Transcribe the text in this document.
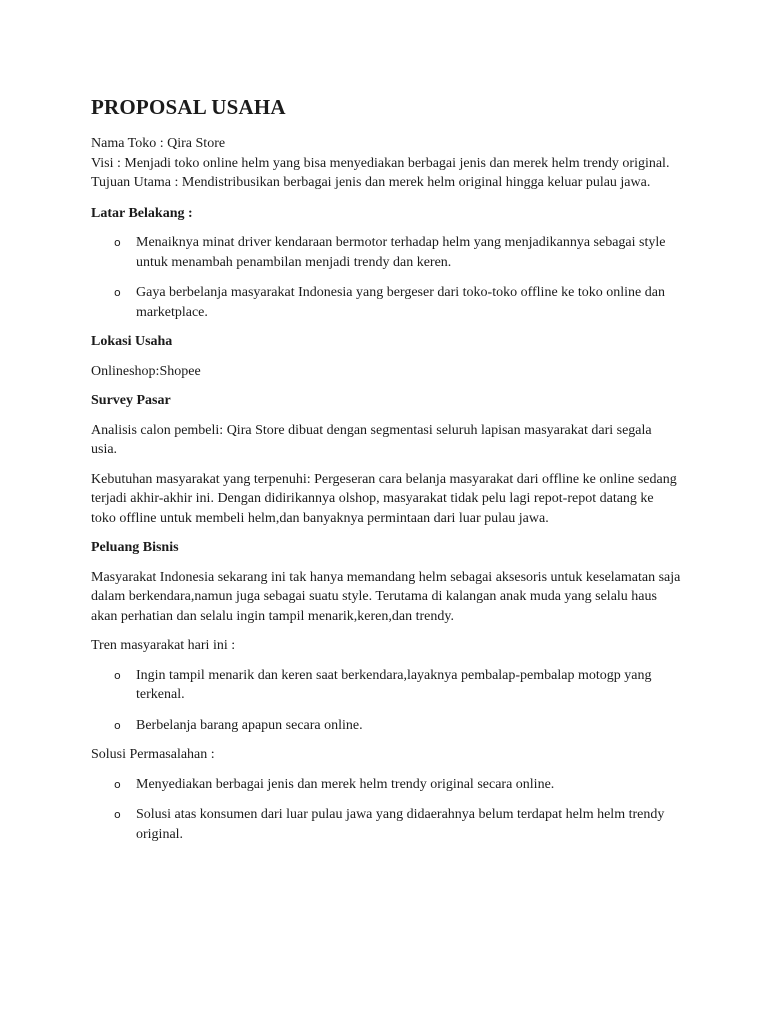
PROPOSAL USAHA

Nama Toko : Qira Store

Visi : Menjadi toko online helm yang bisa menyediakan berbagai jenis dan merek helm trendy original.

Tujuan Utama : Mendistribusikan berbagai jenis dan merek helm original hingga keluar pulau jawa.

Latar Belakang :
o Menaiknya minat driver kendaraan bermotor terhadap helm yang menjadikannya sebagai style untuk menambah penambilan menjadi trendy dan keren.
o Gaya berbelanja masyarakat Indonesia yang bergeser dari toko-toko offline ke toko online dan marketplace.
Lokasi Usaha

Onlineshop:Shopee

Survey Pasar

Analisis calon pembeli: Qira Store dibuat dengan segmentasi seluruh lapisan masyarakat dari segala usia.

Kebutuhan masyarakat yang terpenuhi: Pergeseran cara belanja masyarakat dari offline ke online sedang terjadi akhir-akhir ini. Dengan didirikannya olshop, masyarakat tidak pelu lagi repot-repot datang ke toko offline untuk membeli helm,dan banyaknya permintaan dari luar pulau jawa.

Peluang Bisnis

Masyarakat Indonesia sekarang ini tak hanya memandang helm sebagai aksesoris untuk keselamatan saja dalam berkendara,namun juga sebagai suatu style. Terutama di kalangan anak muda yang selalu haus akan perhatian dan selalu ingin tampil menarik,keren,dan trendy.

Tren masyarakat hari ini :

o Ingin tampil menarik dan keren saat berkendara,layaknya pembalap-pembalap motogp yang terkenal.
o Berbelanja barang apapun secara online.

Solusi Permasalahan :

o Menyediakan berbagai jenis dan merek helm trendy original secara online.
o Solusi atas konsumen dari luar pulau jawa yang didaerahnya belum terdapat helm helm trendy original.
